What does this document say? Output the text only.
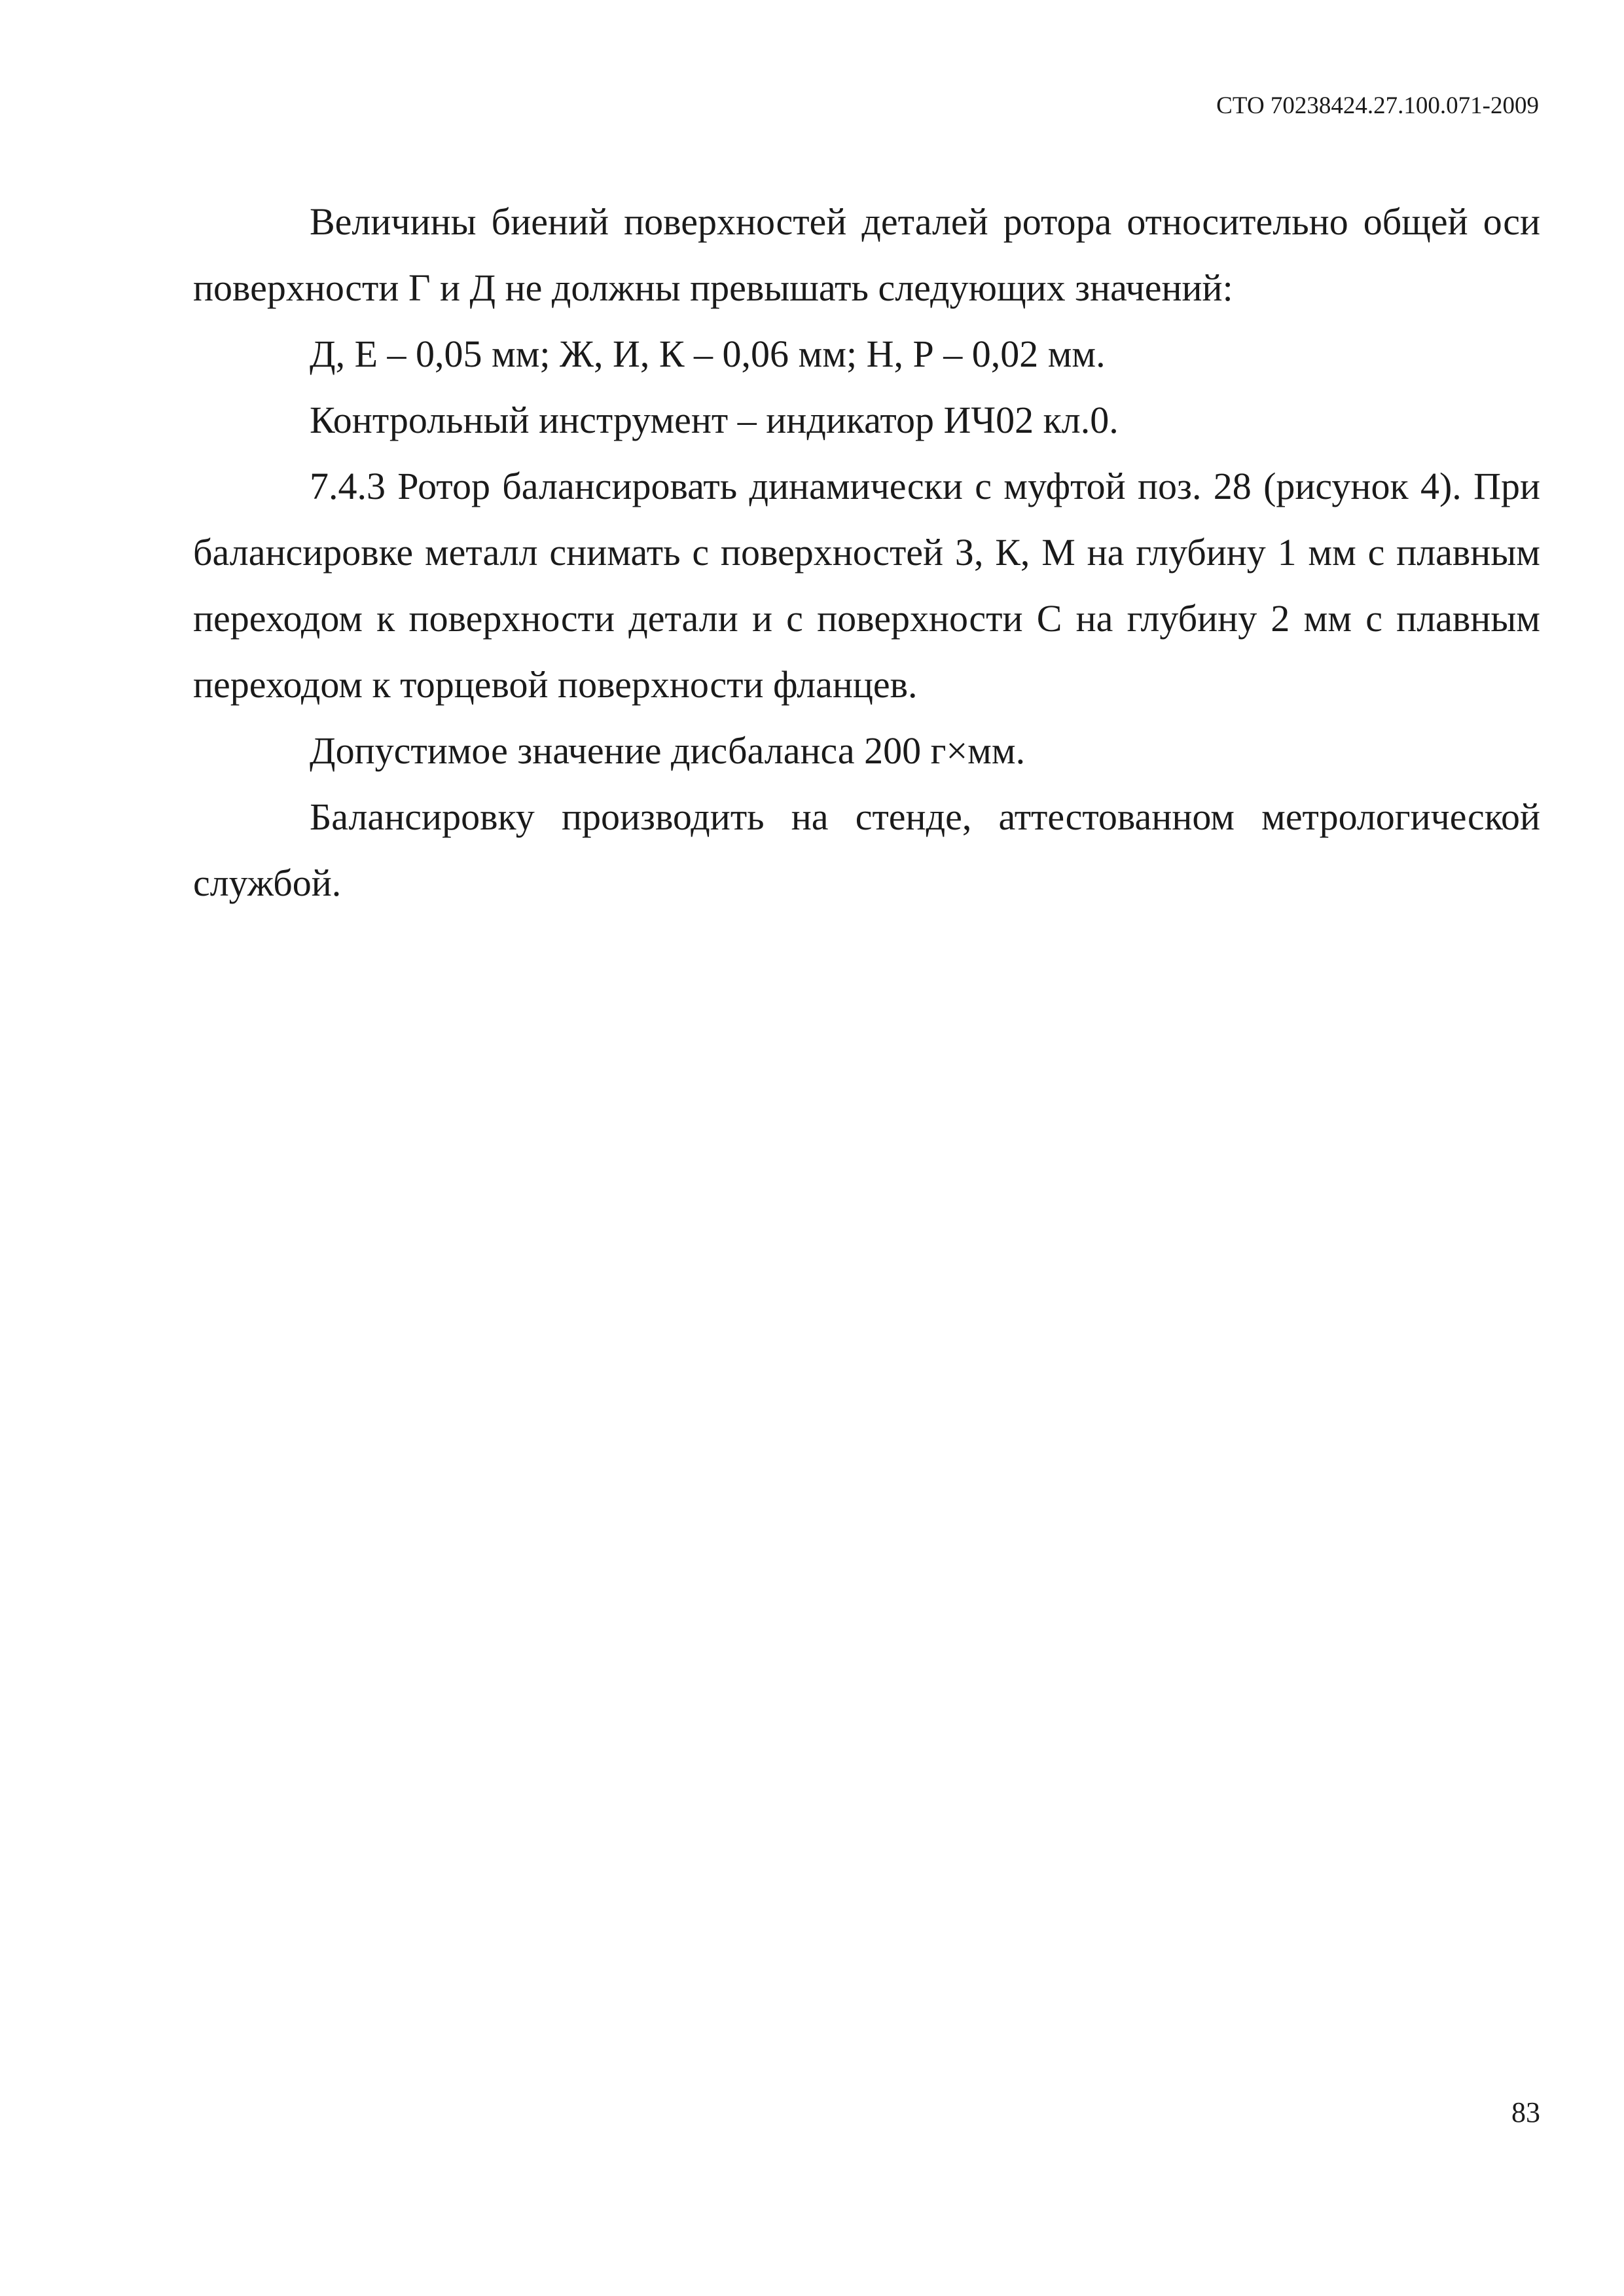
СТО 70238424.27.100.071-2009

Величины биений поверхностей деталей ротора относительно общей оси поверхности Г и Д не должны превышать следующих значений:

Д, Е – 0,05 мм; Ж, И, К – 0,06 мм; Н, Р – 0,02 мм.

Контрольный инструмент – индикатор ИЧ02 кл.0.

7.4.3 Ротор балансировать динамически с муфтой поз. 28 (рисунок 4). При балансировке металл снимать с поверхностей З, К, М на глубину 1 мм с плавным переходом к поверхности детали и с поверхности С на глубину 2 мм с плавным переходом к торцевой поверхности фланцев.

Допустимое значение дисбаланса 200 г×мм.

Балансировку производить на стенде, аттестованном метрологической службой.

83
